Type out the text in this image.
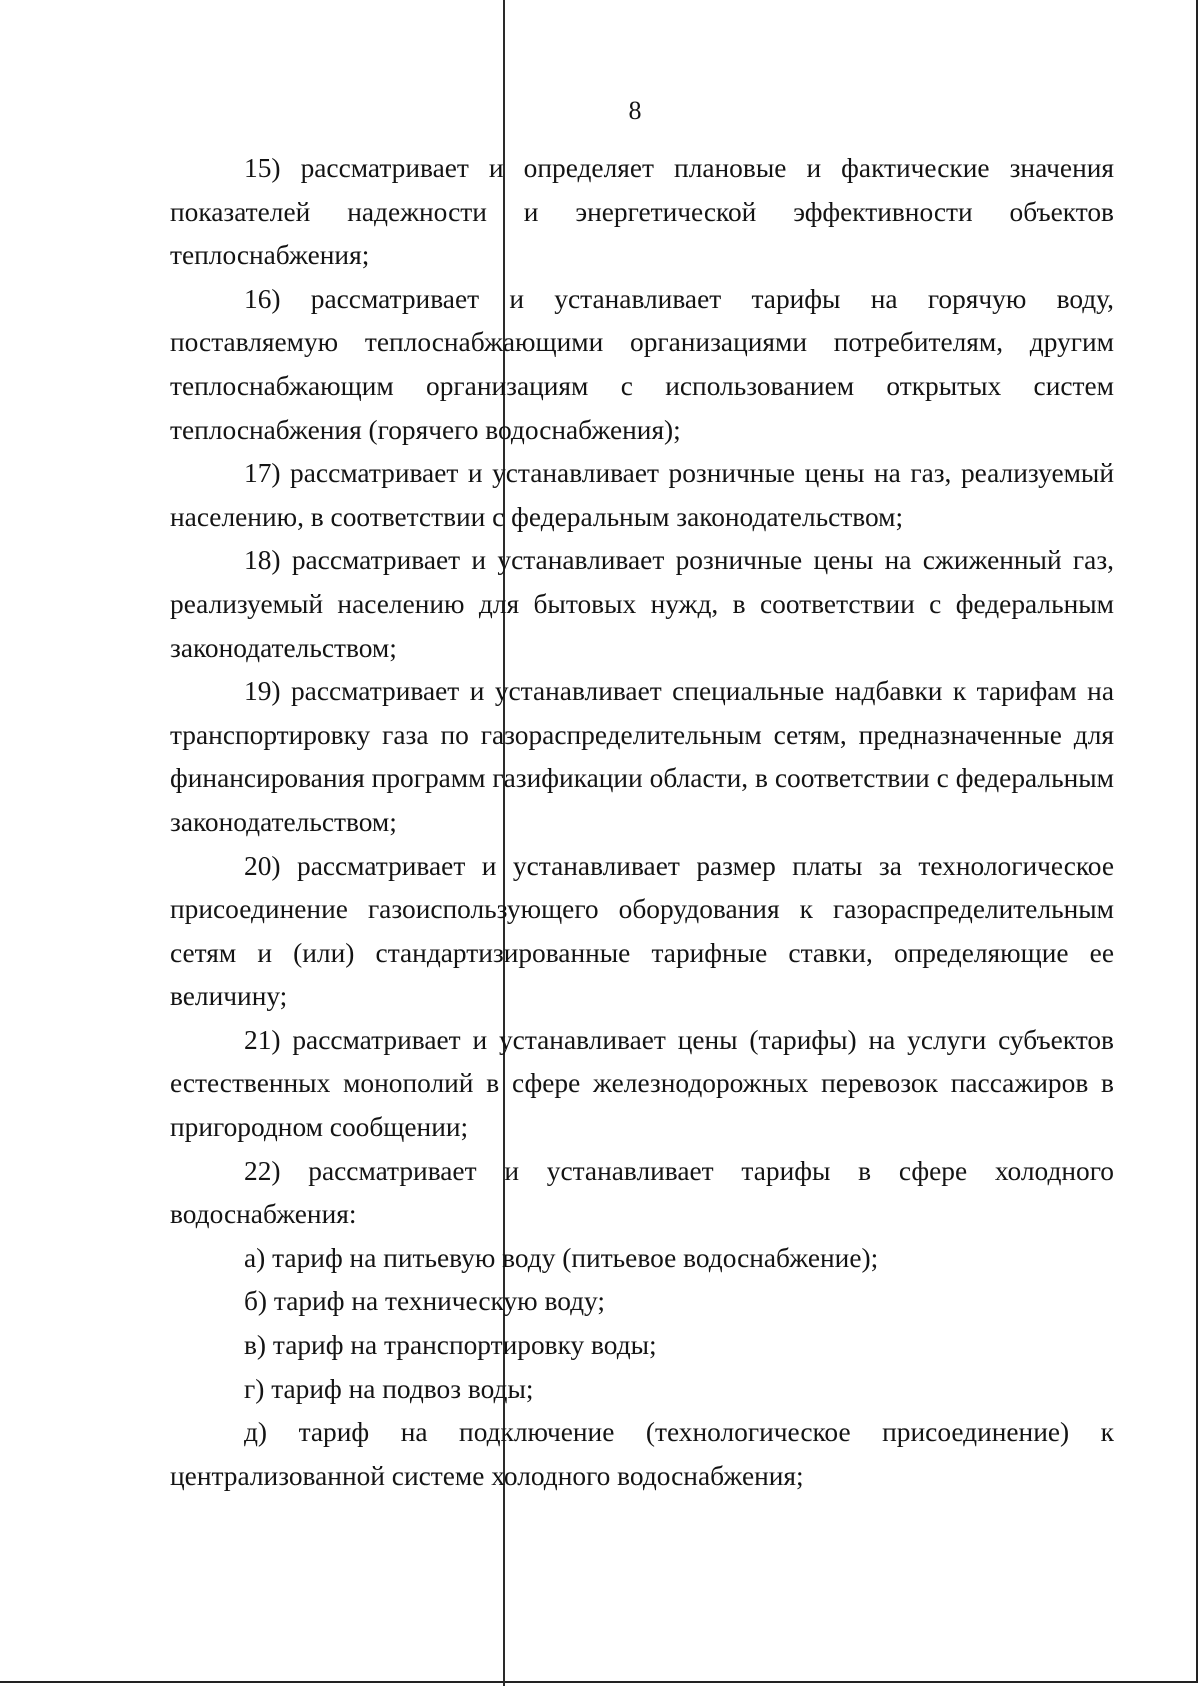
8

15) рассматривает и определяет плановые и фактические значения показателей надежности и энергетической эффективности объектов теплоснабжения;

16) рассматривает и устанавливает тарифы на горячую воду, поставляемую теплоснабжающими организациями потребителям, другим теплоснабжающим организациям с использованием открытых систем теплоснабжения (горячего водоснабжения);

17) рассматривает и устанавливает розничные цены на газ, реализуемый населению, в соответствии с федеральным законодательством;

18) рассматривает и устанавливает розничные цены на сжиженный газ, реализуемый населению для бытовых нужд, в соответствии с федеральным законодательством;

19) рассматривает и устанавливает специальные надбавки к тарифам на транспортировку газа по газораспределительным сетям, предназначенные для финансирования программ газификации области, в соответствии с федеральным законодательством;

20) рассматривает и устанавливает размер платы за технологическое присоединение газоиспользующего оборудования к газораспределительным сетям и (или) стандартизированные тарифные ставки, определяющие ее величину;

21) рассматривает и устанавливает цены (тарифы) на услуги субъектов естественных монополий в сфере железнодорожных перевозок пассажиров в пригородном сообщении;

22) рассматривает и устанавливает тарифы в сфере холодного водоснабжения:

а) тариф на питьевую воду (питьевое водоснабжение);

б) тариф на техническую воду;

в) тариф на транспортировку воды;

г) тариф на подвоз воды;

д) тариф на подключение (технологическое присоединение) к централизованной системе холодного водоснабжения;
